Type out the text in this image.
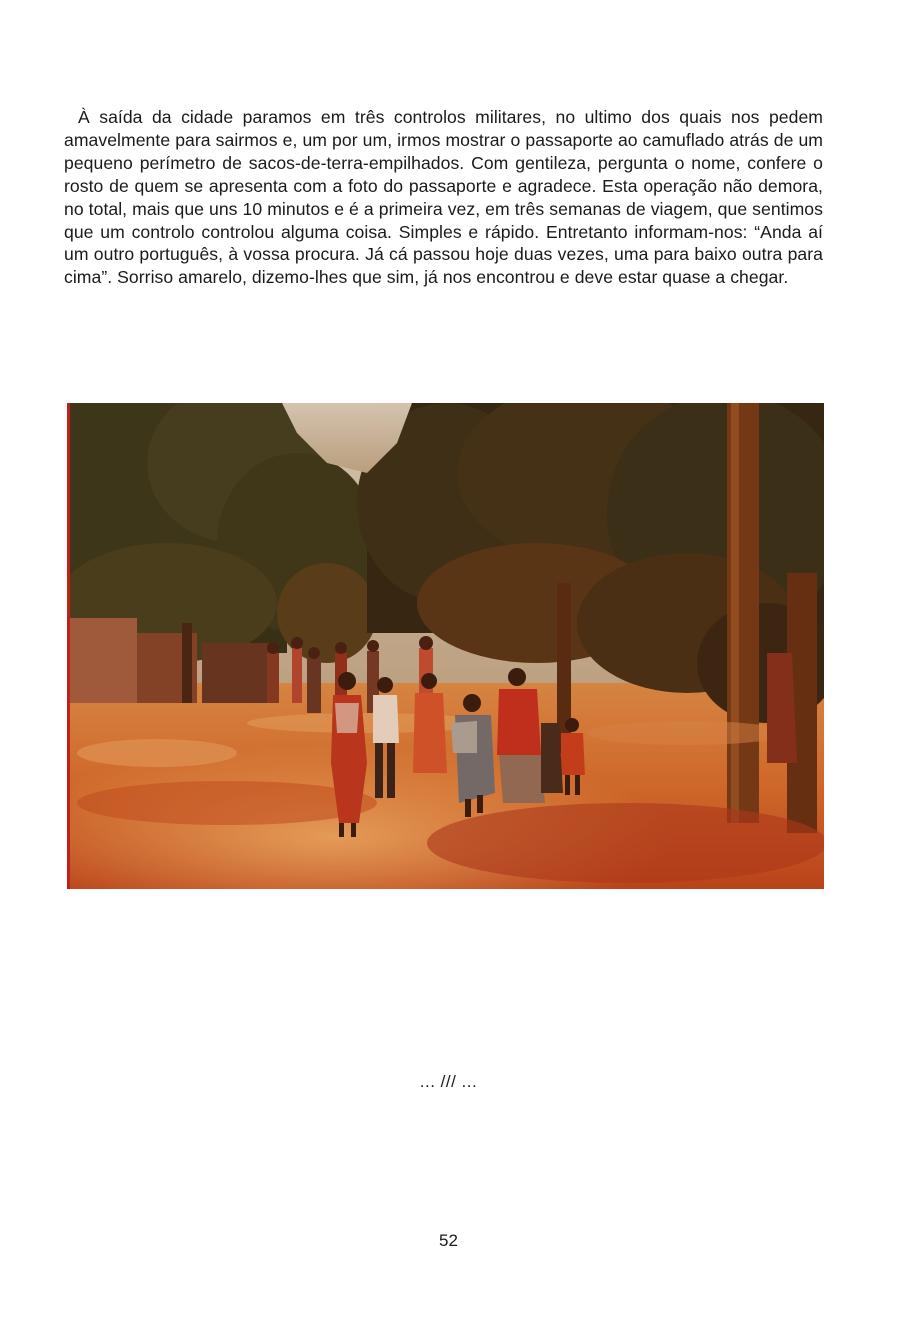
À saída da cidade paramos em três controlos militares, no ultimo dos quais nos pedem amavelmente para sairmos e, um por um, irmos mostrar o passaporte ao camuflado atrás de um pequeno perímetro de sacos-de-terra-empilhados. Com gentileza, pergunta o nome, confere o rosto de quem se apresenta com a foto do passaporte e agradece. Esta operação não demora, no total, mais que uns 10 minutos e é a primeira vez, em três semanas de viagem, que sentimos que um controlo controlou alguma coisa. Simples e rápido. Entretanto informam-nos: “Anda aí um outro português, à vossa procura. Já cá passou hoje duas vezes, uma para baixo outra para cima”. Sorriso amarelo, dizemo-lhes que sim, já nos encontrou e deve estar quase a chegar.

... /// ...
52
